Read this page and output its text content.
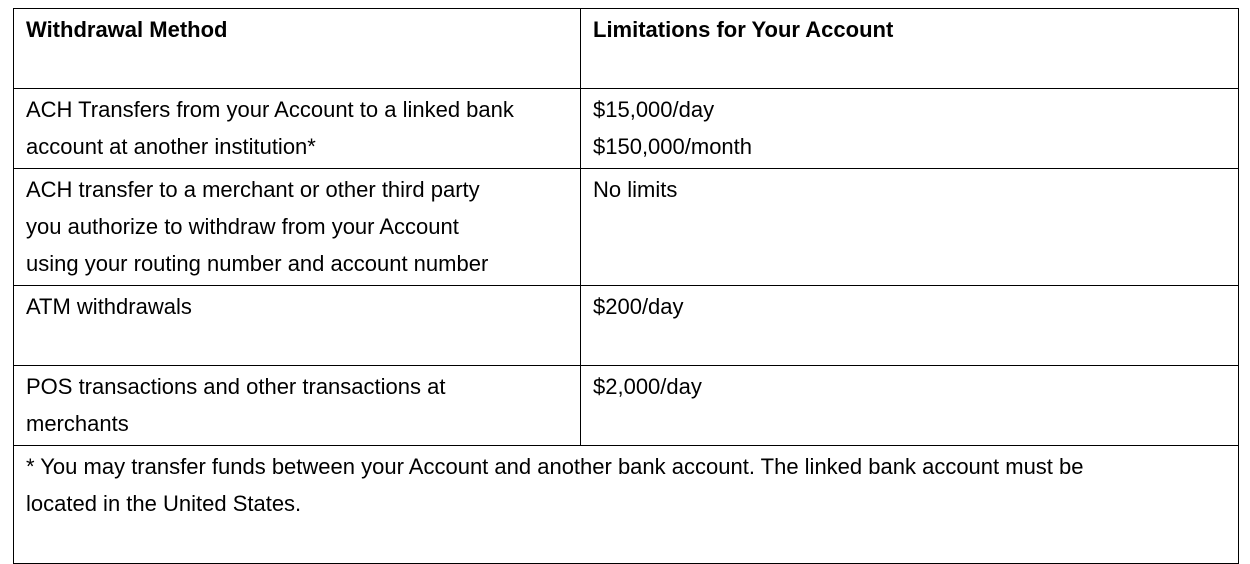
Withdrawal Method	Limitations for Your Account

ACH Transfers from your Account to a linked bank
account at another institution*	$15,000/day
$150,000/month

ACH transfer to a merchant or other third party
you authorize to withdraw from your Account
using your routing number and account number	No limits

ATM withdrawals	$200/day

POS transactions and other transactions at
merchants	$2,000/day

* You may transfer funds between your Account and another bank account. The linked bank account must be
located in the United States.	
